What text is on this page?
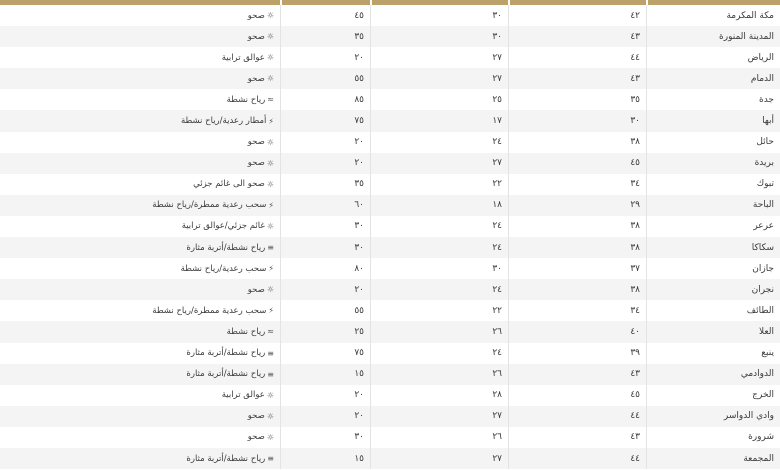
مكة المكرمة
٤٢
٣٠
٤٥
☼
صحو
المدينة المنورة
٤٣
٣٠
٣٥
☼
صحو
الرياض
٤٤
٢٧
٢٠
☼
عوالق ترابية
الدمام
٤٣
٢٧
٥٥
☼
صحو
جدة
٣٥
٢٥
٨٥
≈
رياح نشطة
أبها
٣٠
١٧
٧٥
⚡
أمطار رعدية/رياح نشطة
حائل
٣٨
٢٤
٢٠
☼
صحو
بريدة
٤٥
٢٧
٢٠
☼
صحو
تبوك
٣٤
٢٢
٣٥
☼
صحو الى غائم جزئي
الباحة
٢٩
١٨
٦٠
⚡
سحب رعدية ممطرة/رياح نشطة
عرعر
٣٨
٢٤
٣٠
☼
غائم جزئي/عوالق ترابية
سكاكا
٣٨
٢٤
٣٠
≡
رياح نشطة/أتربة مثارة
جازان
٣٧
٣٠
٨٠
⚡
سحب رعدية/رياح نشطة
نجران
٣٨
٢٤
٢٠
☼
صحو
الطائف
٣٤
٢٢
٥٥
⚡
سحب رعدية ممطرة/رياح نشطة
العلا
٤٠
٢٦
٢٥
≈
رياح نشطة
ينبع
٣٩
٢٤
٧٥
≡
رياح نشطة/أتربة مثارة
الدوادمي
٤٣
٢٦
١٥
≡
رياح نشطة/أتربة مثارة
الخرج
٤٥
٢٨
٢٠
☼
عوالق ترابية
وادي الدواسر
٤٤
٢٧
٢٠
☼
صحو
شرورة
٤٣
٢٦
٣٠
☼
صحو
المجمعة
٤٤
٢٧
١٥
≡
رياح نشطة/أتربة مثارة
